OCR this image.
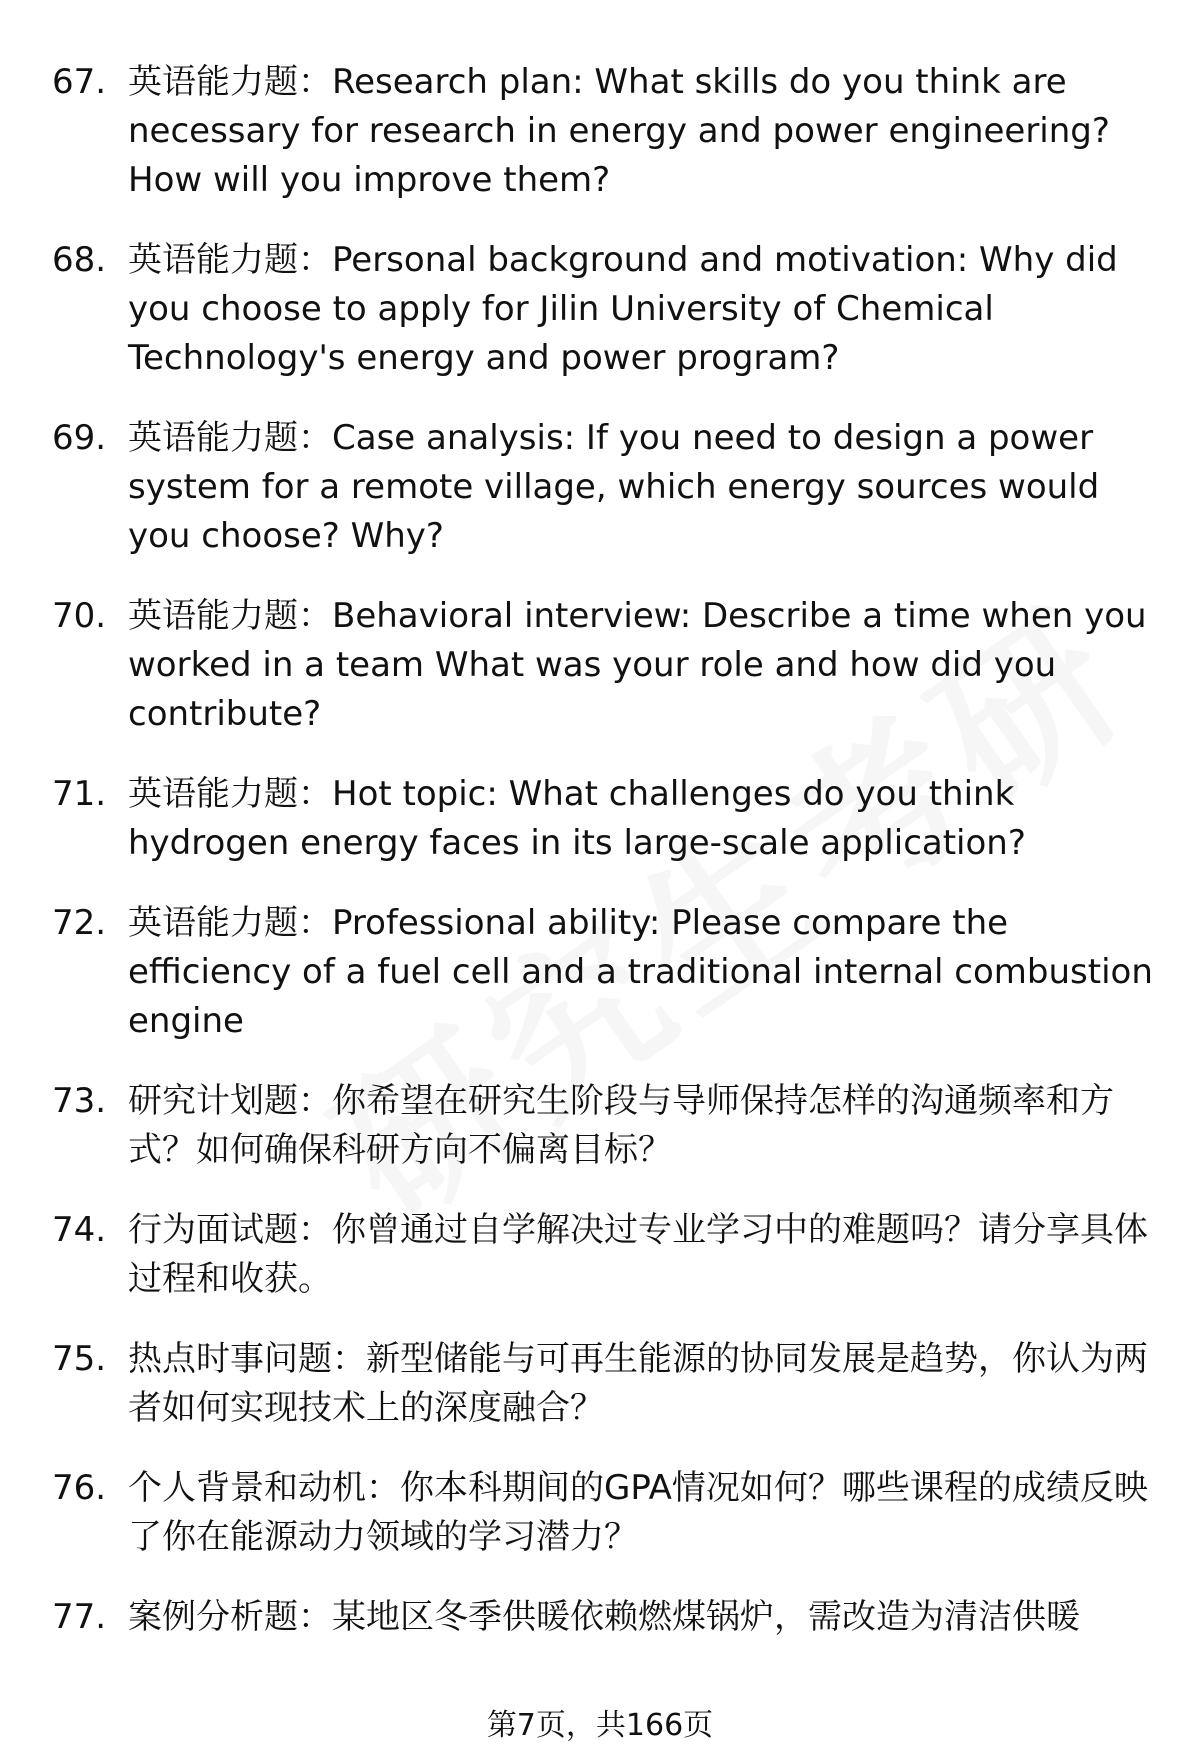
67. 英语能力题：Research plan: What skills do you think are necessary for research in energy and power engineering? How will you improve them?
68. 英语能力题：Personal background and motivation: Why did you choose to apply for Jilin University of Chemical Technology's energy and power program?
69. 英语能力题：Case analysis: If you need to design a power system for a remote village, which energy sources would you choose? Why?
70. 英语能力题：Behavioral interview: Describe a time when you worked in a team What was your role and how did you contribute?
71. 英语能力题：Hot topic: What challenges do you think hydrogen energy faces in its large-scale application?
72. 英语能力题：Professional ability: Please compare the efficiency of a fuel cell and a traditional internal combustion engine
73. 研究计划题：你希望在研究生阶段与导师保持怎样的沟通频率和方式？如何确保科研方向不偏离目标？
74. 行为面试题：你曾通过自学解决过专业学习中的难题吗？请分享具体过程和收获。
75. 热点时事问题：新型储能与可再生能源的协同发展是趋势，你认为两者如何实现技术上的深度融合？
76. 个人背景和动机：你本科期间的GPA情况如何？哪些课程的成绩反映了你在能源动力领域的学习潜力？
77. 案例分析题：某地区冬季供暖依赖燃煤锅炉，需改造为清洁供暖
第7页，共166页
